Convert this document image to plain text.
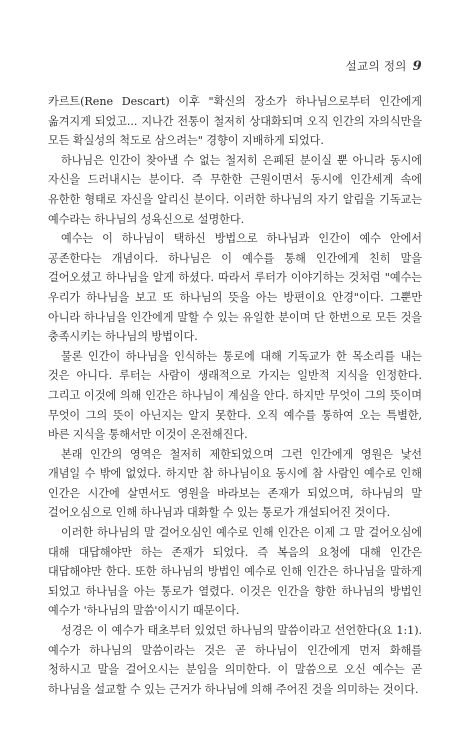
설교의 정의 9

카르트(Rene Descart) 이후 "확신의 장소가 하나님으로부터 인간에게 옮겨지게 되었고... 지나간 전통이 철저히 상대화되며 오직 인간의 자의식만을 모든 확실성의 척도로 삼으려는" 경향이 지배하게 되었다.

하나님은 인간이 찾아낼 수 없는 철저히 은폐된 분이실 뿐 아니라 동시에 자신을 드러내시는 분이다. 즉 무한한 근원이면서 동시에 인간세계 속에 유한한 형태로 자신을 알리신 분이다. 이러한 하나님의 자기 알림을 기독교는 예수라는 하나님의 성육신으로 설명한다.

예수는 이 하나님이 택하신 방법으로 하나님과 인간이 예수 안에서 공존한다는 개념이다. 하나님은 이 예수를 통해 인간에게 친히 말을 걸어오셨고 하나님을 알게 하셨다. 따라서 루터가 이야기하는 것처럼 "예수는 우리가 하나님을 보고 또 하나님의 뜻을 아는 방편이요 안경"이다. 그뿐만 아니라 하나님을 인간에게 말할 수 있는 유일한 분이며 단 한번으로 모든 것을 충족시키는 하나님의 방법이다.

물론 인간이 하나님을 인식하는 통로에 대해 기독교가 한 목소리를 내는 것은 아니다. 루터는 사람이 생래적으로 가지는 일반적 지식을 인정한다. 그리고 이것에 의해 인간은 하나님이 계심을 안다. 하지만 무엇이 그의 뜻이며 무엇이 그의 뜻이 아닌지는 알지 못한다. 오직 예수를 통하여 오는 특별한, 바른 지식을 통해서만 이것이 온전해진다.

본래 인간의 영역은 철저히 제한되었으며 그런 인간에게 영원은 낯선 개념일 수 밖에 없었다. 하지만 참 하나님이요 동시에 참 사람인 예수로 인해 인간은 시간에 살면서도 영원을 바라보는 존재가 되었으며, 하나님의 말 걸어오심으로 인해 하나님과 대화할 수 있는 통로가 개설되어진 것이다.

이러한 하나님의 말 걸어오심인 예수로 인해 인간은 이제 그 말 걸어오심에 대해 대답해야만 하는 존재가 되었다. 즉 복음의 요청에 대해 인간은 대답해야만 한다. 또한 하나님의 방법인 예수로 인해 인간은 하나님을 말하게 되었고 하나님을 아는 통로가 열렸다. 이것은 인간을 향한 하나님의 방법인 예수가 '하나님의 말씀'이시기 때문이다.

성경은 이 예수가 태초부터 있었던 하나님의 말씀이라고 선언한다(요 1:1). 예수가 하나님의 말씀이라는 것은 곧 하나님이 인간에게 먼저 화해를 청하시고 말을 걸어오시는 분임을 의미한다. 이 말씀으로 오신 예수는 곧 하나님을 설교할 수 있는 근거가 하나님에 의해 주어진 것을 의미하는 것이다.
